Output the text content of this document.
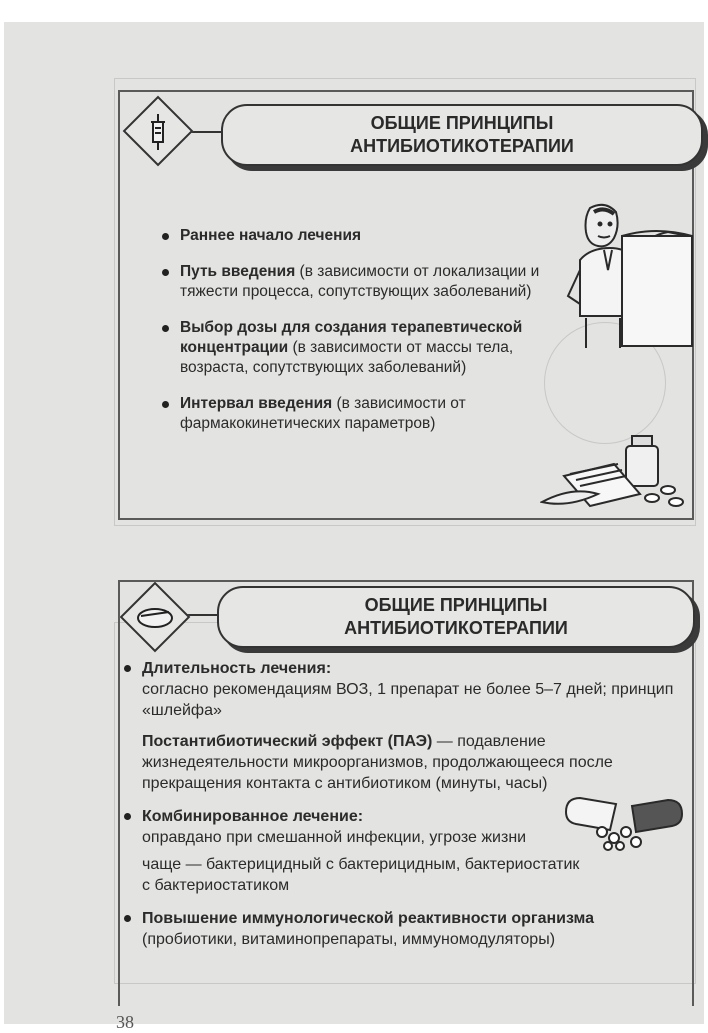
ОБЩИЕ ПРИНЦИПЫ
АНТИБИОТИКОТЕРАПИИ
Раннее начало лечения
Путь введения (в зависимости от локализации и тяжести процесса, сопутствующих заболеваний)
Выбор дозы для создания терапевтической концентрации (в зависимости от массы тела, возраста, сопутствующих заболеваний)
Интервал введения (в зависимости от фармакокинетических параметров)
ОБЩИЕ ПРИНЦИПЫ
АНТИБИОТИКОТЕРАПИИ
Длительность лечения:
согласно рекомендациям ВОЗ, 1 препарат не более 5–7 дней; принцип «шлейфа»
Постантибиотический эффект (ПАЭ) — подавление жизнедеятельности микроорганизмов, продолжающееся после прекращения контакта с антибиотиком (минуты, часы)
Комбинированное лечение:
оправдано при смешанной инфекции, угрозе жизни
чаще — бактерицидный с бактерицидным, бактериостатик с бактериостатиком
Повышение иммунологической реактивности организма (пробиотики, витаминопрепараты, иммуномодуляторы)
38
